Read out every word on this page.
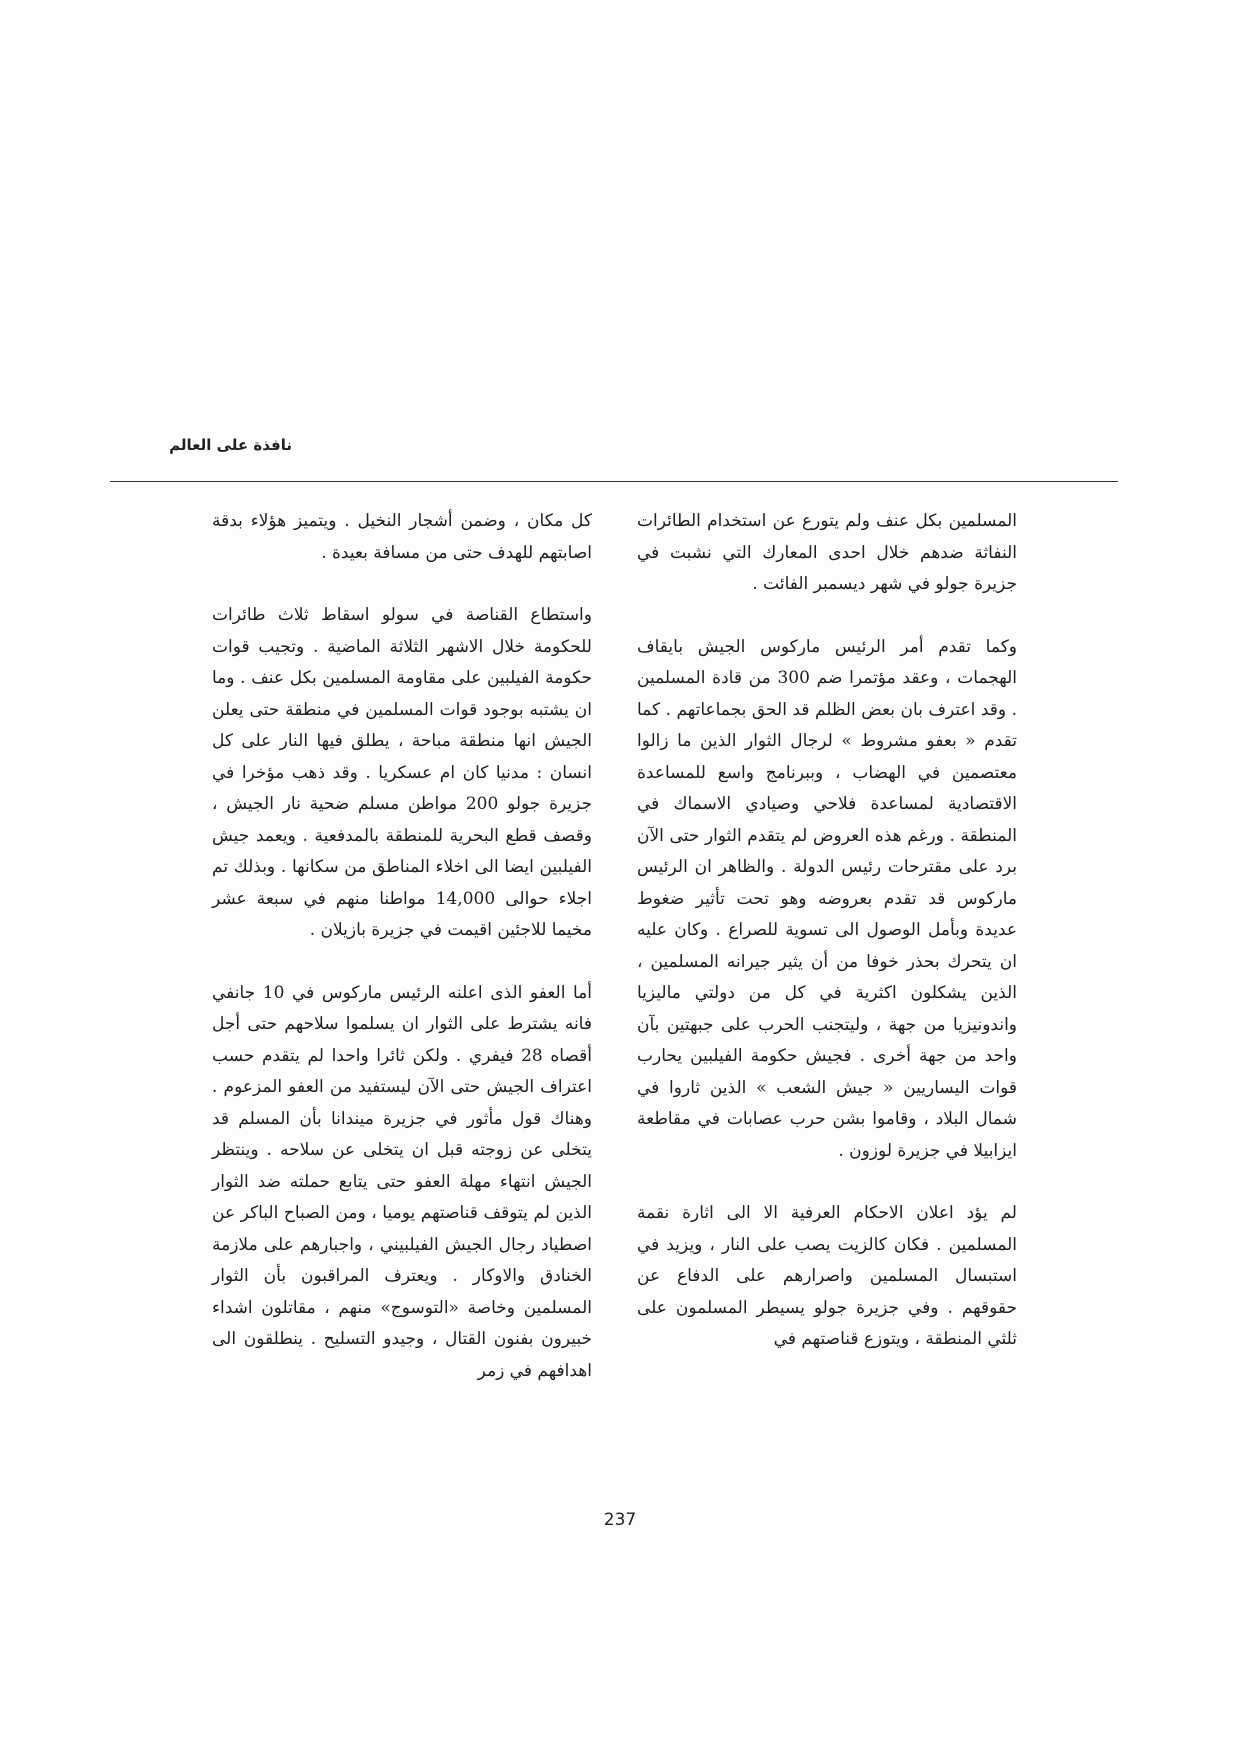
نافذة على العالم

المسلمين بكل عنف ولم يتورع عن استخدام الطائرات النفاثة ضدهم خلال احدى المعارك التي نشبت في جزيرة جولو في شهر ديسمبر الفائت .

وكما تقدم أمر الرئيس ماركوس الجيش بايقاف الهجمات ، وعقد مؤتمرا ضم 300 من قادة المسلمين . وقد اعترف بان بعض الظلم قد الحق بجماعاتهم . كما تقدم « بعفو مشروط » لرجال الثوار الذين ما زالوا معتصمين في الهضاب ، وببرنامج واسع للمساعدة الاقتصادية لمساعدة فلاحي وصيادي الاسماك في المنطقة . ورغم هذه العروض لم يتقدم الثوار حتى الآن برد على مقترحات رئيس الدولة . والظاهر ان الرئيس ماركوس قد تقدم بعروضه وهو تحت تأثير ضغوط عديدة وبأمل الوصول الى تسوية للصراع . وكان عليه ان يتحرك بحذر خوفا من أن يثير جيرانه المسلمين ، الذين يشكلون اكثرية في كل من دولتي ماليزيا واندونيزيا من جهة ، وليتجنب الحرب على جبهتين بآن واحد من جهة أخرى . فجيش حكومة الفيلبين يحارب قوات اليساريين « جيش الشعب » الذين ثاروا في شمال البلاد ، وقاموا بشن حرب عصابات في مقاطعة ايزابيلا في جزيرة لوزون .

لم يؤد اعلان الاحكام العرفية الا الى اثارة نقمة المسلمين . فكان كالزيت يصب على النار ، ويزيد في استبسال المسلمين واصرارهم على الدفاع عن حقوقهم . وفي جزيرة جولو يسيطر المسلمون على ثلثي المنطقة ، ويتوزع قناصتهم في

كل مكان ، وضمن أشجار النخيل . ويتميز هؤلاء بدقة اصابتهم للهدف حتى من مسافة بعيدة .

واستطاع القناصة في سولو اسقاط ثلاث طائرات للحكومة خلال الاشهر الثلاثة الماضية . وتجيب قوات حكومة الفيلبين على مقاومة المسلمين بكل عنف . وما ان يشتبه بوجود قوات المسلمين في منطقة حتى يعلن الجيش انها منطقة مباحة ، يطلق فيها النار على كل انسان : مدنيا كان ام عسكريا . وقد ذهب مؤخرا في جزيرة جولو 200 مواطن مسلم ضحية نار الجيش ، وقصف قطع البحرية للمنطقة بالمدفعية . ويعمد جيش الفيلبين ايضا الى اخلاء المناطق من سكانها . وبذلك تم اجلاء حوالى 14,000 مواطنا منهم في سبعة عشر مخيما للاجئين اقيمت في جزيرة بازيلان .

أما العفو الذى اعلنه الرئيس ماركوس في 10 جانفي فانه يشترط على الثوار ان يسلموا سلاحهم حتى أجل أقصاه 28 فيفري . ولكن ثائرا واحدا لم يتقدم حسب اعتراف الجيش حتى الآن ليستفيد من العفو المزعوم . وهناك قول مأثور في جزيرة ميندانا بأن المسلم قد يتخلى عن زوجته قبل ان يتخلى عن سلاحه . وينتظر الجيش انتهاء مهلة العفو حتى يتابع حملته ضد الثوار الذين لم يتوقف قناصتهم يوميا ، ومن الصباح الباكر عن اصطياد رجال الجيش الفيلبيني ، واجبارهم على ملازمة الخنادق والاوكار . ويعترف المراقبون بأن الثوار المسلمين وخاصة «التوسوج» منهم ، مقاتلون اشداء خبيرون بفنون القتال ، وجيدو التسليح . ينطلقون الى اهدافهم في زمر

237
